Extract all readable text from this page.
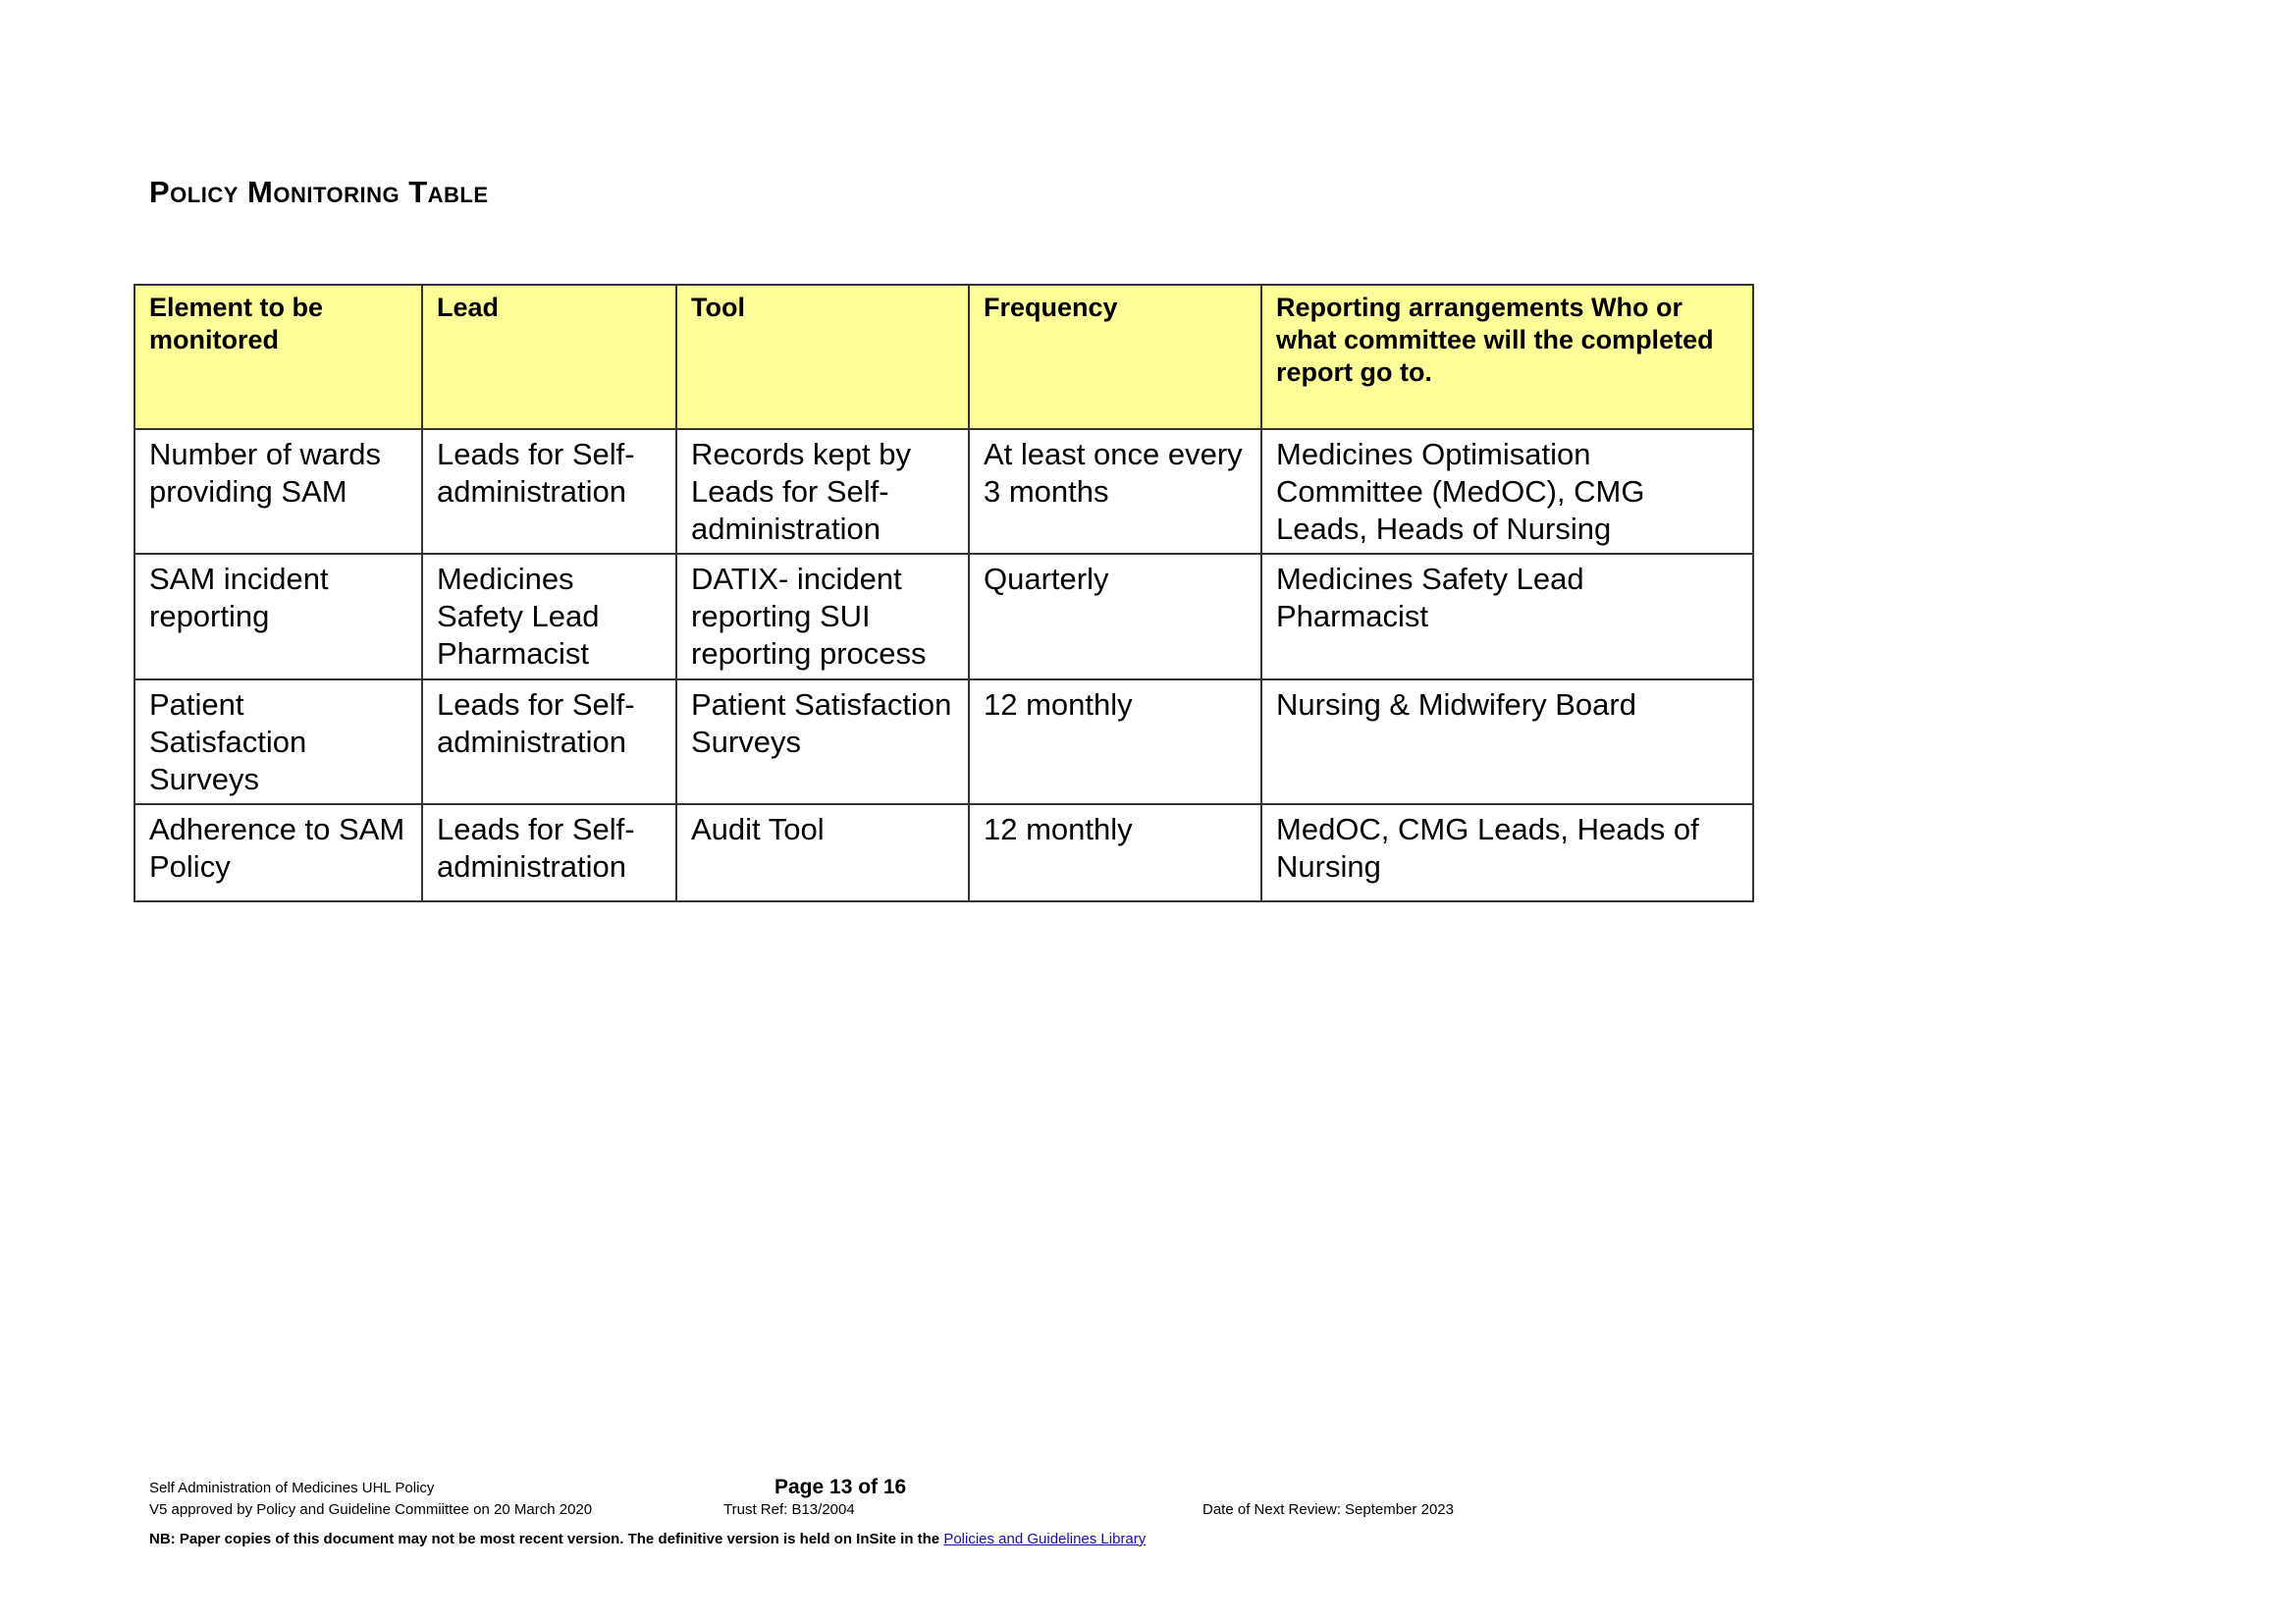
Policy Monitoring Table
Element to be monitored	Lead	Tool	Frequency	Reporting arrangements Who or what committee will the completed report go to.
Number of wards providing SAM	Leads for Self-administration	Records kept by Leads for Self-administration	At least once every 3 months	Medicines Optimisation Committee (MedOC), CMG Leads, Heads of Nursing
SAM incident reporting	Medicines Safety Lead Pharmacist	DATIX- incident reporting SUI reporting process	Quarterly	Medicines Safety Lead Pharmacist
Patient Satisfaction Surveys	Leads for Self-administration	Patient Satisfaction Surveys	12 monthly	Nursing & Midwifery Board
Adherence to SAM Policy	Leads for Self-administration	Audit Tool	12 monthly	MedOC, CMG Leads, Heads of Nursing
Self Administration of Medicines UHL Policy	Page 13 of 16
V5 approved by Policy and Guideline Commiittee on 20 March 2020	Trust Ref: B13/2004	Date of Next Review: September 2023
NB: Paper copies of this document may not be most recent version. The definitive version is held on InSite in the Policies and Guidelines Library
